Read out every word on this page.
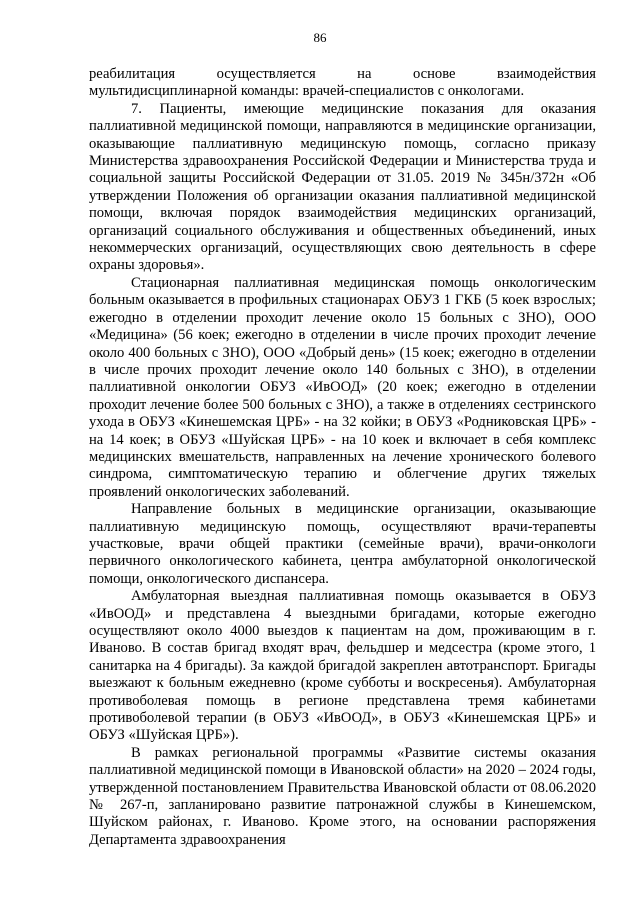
86

реабилитация осуществляется на основе взаимодействия мультидисциплинарной команды: врачей-специалистов с онкологами.

7. Пациенты, имеющие медицинские показания для оказания паллиативной медицинской помощи, направляются в медицинские организации, оказывающие паллиативную медицинскую помощь, согласно приказу Министерства здравоохранения Российской Федерации и Министерства труда и социальной защиты Российской Федерации от 31.05. 2019 № 345н/372н «Об утверждении Положения об организации оказания паллиативной медицинской помощи, включая порядок взаимодействия медицинских организаций, организаций социального обслуживания и общественных объединений, иных некоммерческих организаций, осуществляющих свою деятельность в сфере охраны здоровья».

Стационарная паллиативная медицинская помощь онкологическим больным оказывается в профильных стационарах ОБУЗ 1 ГКБ (5 коек взрослых; ежегодно в отделении проходит лечение около 15 больных с ЗНО), ООО «Медицина» (56 коек; ежегодно в отделении в числе прочих проходит лечение около 400 больных с ЗНО), ООО «Добрый день» (15 коек; ежегодно в отделении в числе прочих проходит лечение около 140 больных с ЗНО), в отделении паллиативной онкологии ОБУЗ «ИвООД» (20 коек; ежегодно в отделении проходит лечение более 500 больных с ЗНО), а также в отделениях сестринского ухода в ОБУЗ «Кинешемская ЦРБ» - на 32 койки; в ОБУЗ «Родниковская ЦРБ» - на 14 коек; в ОБУЗ «Шуйская ЦРБ» - на 10 коек и включает в себя комплекс медицинских вмешательств, направленных на лечение хронического болевого синдрома, симптоматическую терапию и облегчение других тяжелых проявлений онкологических заболеваний.

Направление больных в медицинские организации, оказывающие паллиативную медицинскую помощь, осуществляют врачи-терапевты участковые, врачи общей практики (семейные врачи), врачи-онкологи первичного онкологического кабинета, центра амбулаторной онкологической помощи, онкологического диспансера.

Амбулаторная выездная паллиативная помощь оказывается в ОБУЗ «ИвООД» и представлена 4 выездными бригадами, которые ежегодно осуществляют около 4000 выездов к пациентам на дом, проживающим в г. Иваново. В состав бригад входят врач, фельдшер и медсестра (кроме этого, 1 санитарка на 4 бригады). За каждой бригадой закреплен автотранспорт. Бригады выезжают к больным ежедневно (кроме субботы и воскресенья). Амбулаторная противоболевая помощь в регионе представлена тремя кабинетами противоболевой терапии (в ОБУЗ «ИвООД», в ОБУЗ «Кинешемская ЦРБ» и ОБУЗ «Шуйская ЦРБ»).

В рамках региональной программы «Развитие системы оказания паллиативной медицинской помощи в Ивановской области» на 2020 – 2024 годы, утвержденной постановлением Правительства Ивановской области от 08.06.2020 № 267-п, запланировано развитие патронажной службы в Кинешемском, Шуйском районах, г. Иваново. Кроме этого, на основании распоряжения Департамента здравоохранения
